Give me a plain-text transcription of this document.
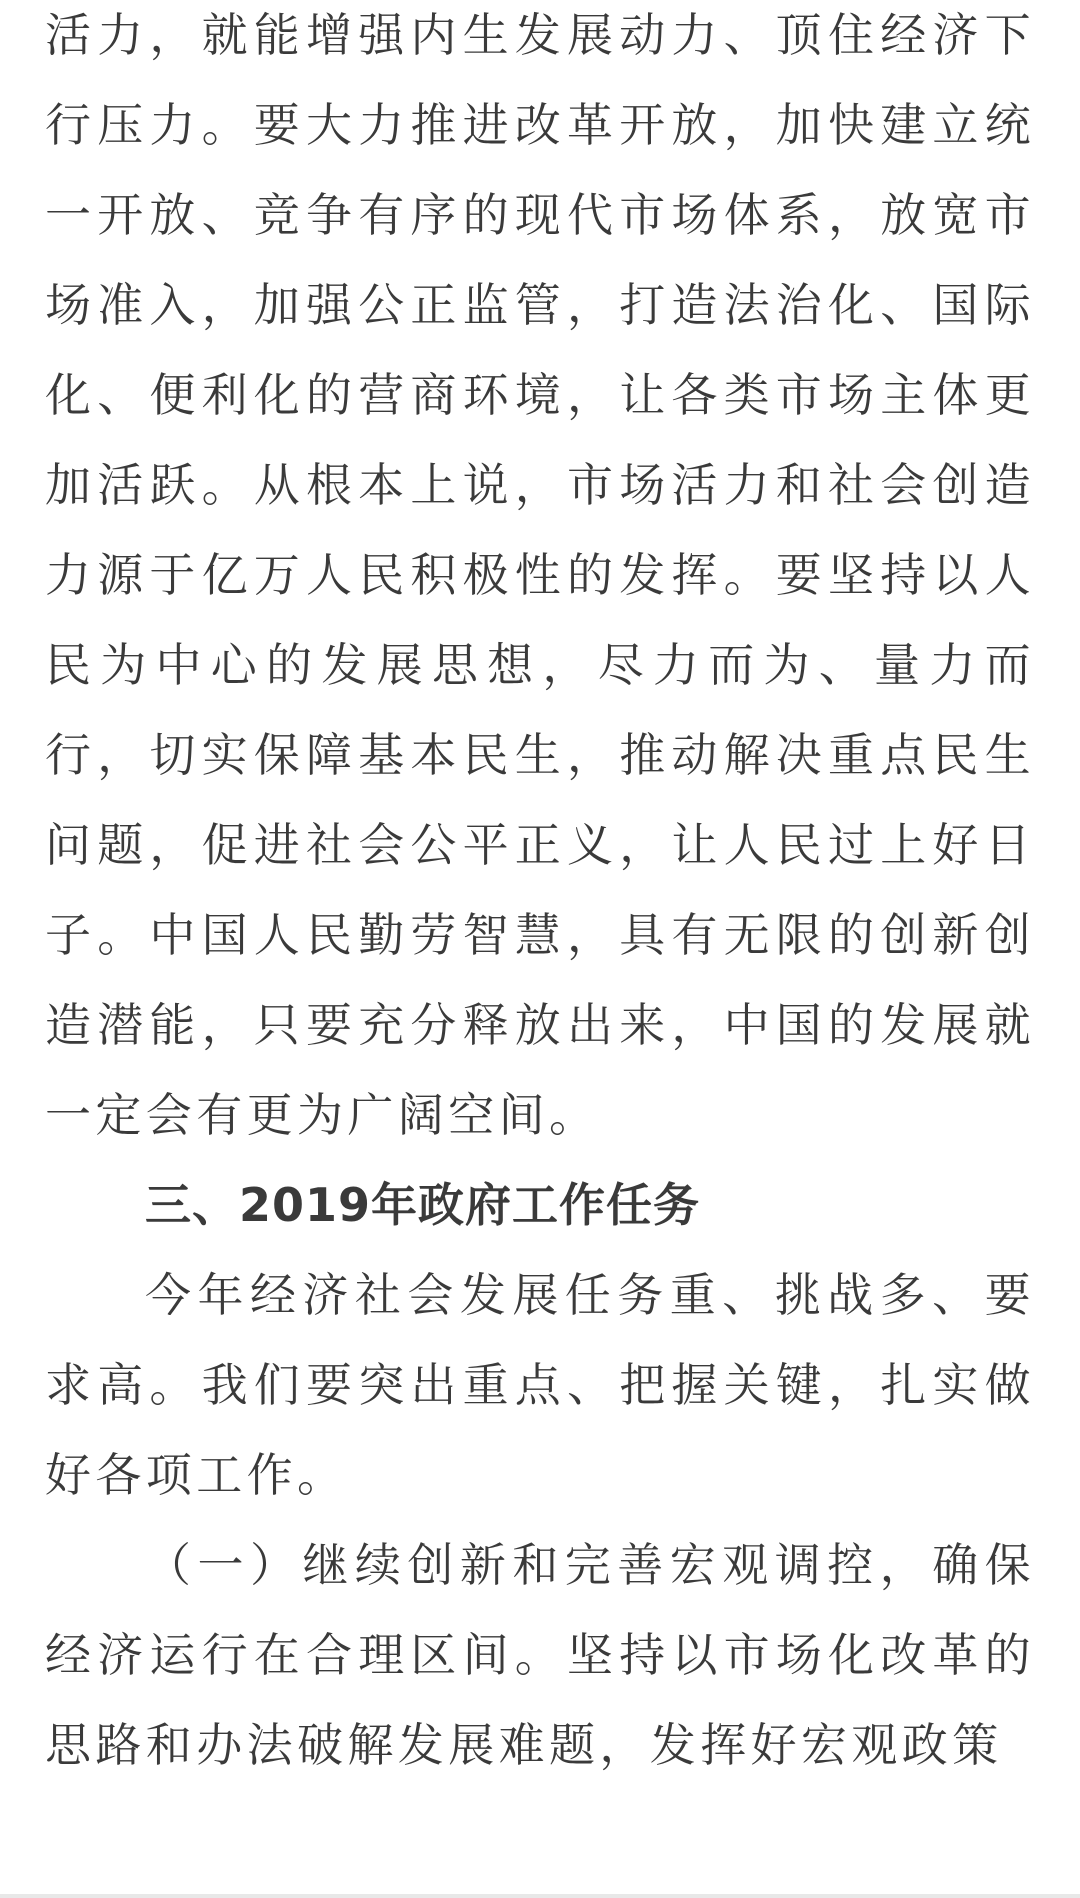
活力，就能增强内生发展动力、顶住经济下行压力。要大力推进改革开放，加快建立统一开放、竞争有序的现代市场体系，放宽市场准入，加强公正监管，打造法治化、国际化、便利化的营商环境，让各类市场主体更加活跃。从根本上说，市场活力和社会创造力源于亿万人民积极性的发挥。要坚持以人民为中心的发展思想，尽力而为、量力而行，切实保障基本民生，推动解决重点民生问题，促进社会公平正义，让人民过上好日子。中国人民勤劳智慧，具有无限的创新创造潜能，只要充分释放出来，中国的发展就一定会有更为广阔空间。

三、2019年政府工作任务

今年经济社会发展任务重、挑战多、要求高。我们要突出重点、把握关键，扎实做好各项工作。

（一）继续创新和完善宏观调控，确保经济运行在合理区间。坚持以市场化改革的思路和办法破解发展难题，发挥好宏观政策
